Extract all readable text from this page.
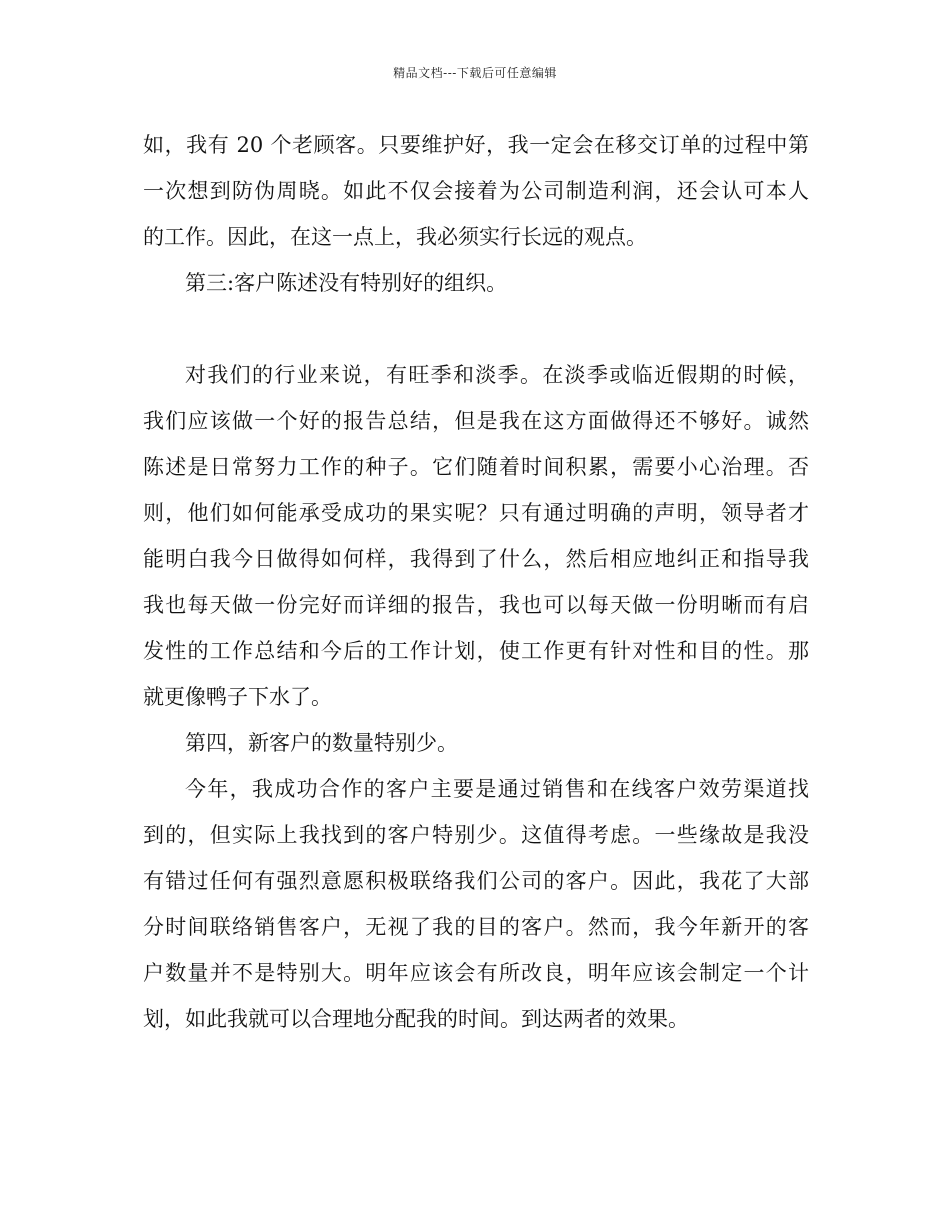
精品文档---下载后可任意编辑
如，我有 20 个老顾客。只要维护好，我一定会在移交订单的过程中第
一次想到防伪周晓。如此不仅会接着为公司制造利润，还会认可本人
的工作。因此，在这一点上，我必须实行长远的观点。
第三:客户陈述没有特别好的组织。
对我们的行业来说，有旺季和淡季。在淡季或临近假期的时候，
我们应该做一个好的报告总结，但是我在这方面做得还不够好。诚然
陈述是日常努力工作的种子。它们随着时间积累，需要小心治理。否
则，他们如何能承受成功的果实呢？只有通过明确的声明，领导者才
能明白我今日做得如何样，我得到了什么，然后相应地纠正和指导我
我也每天做一份完好而详细的报告，我也可以每天做一份明晰而有启
发性的工作总结和今后的工作计划，使工作更有针对性和目的性。那
就更像鸭子下水了。
第四，新客户的数量特别少。
今年，我成功合作的客户主要是通过销售和在线客户效劳渠道找
到的，但实际上我找到的客户特别少。这值得考虑。一些缘故是我没
有错过任何有强烈意愿积极联络我们公司的客户。因此，我花了大部
分时间联络销售客户，无视了我的目的客户。然而，我今年新开的客
户数量并不是特别大。明年应该会有所改良，明年应该会制定一个计
划，如此我就可以合理地分配我的时间。到达两者的效果。
